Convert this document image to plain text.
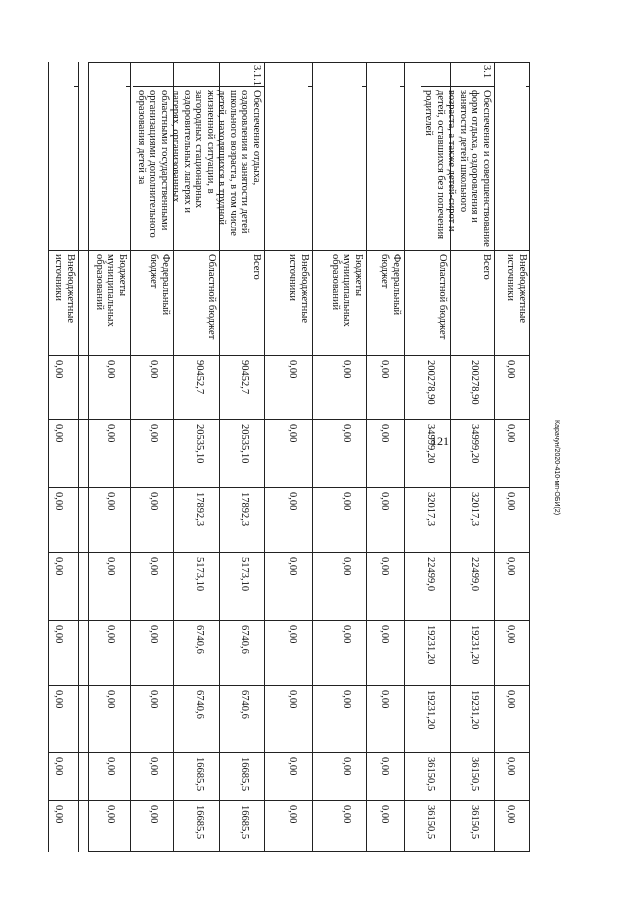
121	Карачун/2020-410-мп-ОБИ(2)
Внебюджетные источники
0,00
0,00
0,00
0,00
0,00
0,00
0,00
0,00
3.1
Обеспечение и совершенствование форм отдыха, оздоровления и занятости детей школьного возраста, а также детей-сирот и детей, оставшихся без попечения родителей
Всего
200278,90
34999,20
32017,3
22499,0
19231,20
19231,20
36150,5
36150,5
Областной бюджет
200278,90
34999,20
32017,3
22499,0
19231,20
19231,20
36150,5
36150,5
Федеральный бюджет
0,00
0,00
0,00
0,00
0,00
0,00
0,00
0,00
Бюджеты муниципальных образований
0,00
0,00
0,00
0,00
0,00
0,00
0,00
0,00
Внебюджетные источники
0,00
0,00
0,00
0,00
0,00
0,00
0,00
0,00
3.1.1
Обеспечение отдыха, оздоровления и занятости детей школьного возраста, в том числе детей, находящихся в трудной жизненной ситуации, в загородных стационарных оздоровительных лагерях и лагерях, организованных областными государственными организациями дополнительного образования детей за
Всего
90452,7
20535,10
17892,3
5173,10
6740,6
6740,6
16685,5
16685,5
Областной бюджет
90452,7
20535,10
17892,3
5173,10
6740,6
6740,6
16685,5
16685,5
Федеральный бюджет
0,00
0,00
0,00
0,00
0,00
0,00
0,00
0,00
Бюджеты муниципальных образований
0,00
0,00
0,00
0,00
0,00
0,00
0,00
0,00
Внебюджетные источники
0,00
0,00
0,00
0,00
0,00
0,00
0,00
0,00
